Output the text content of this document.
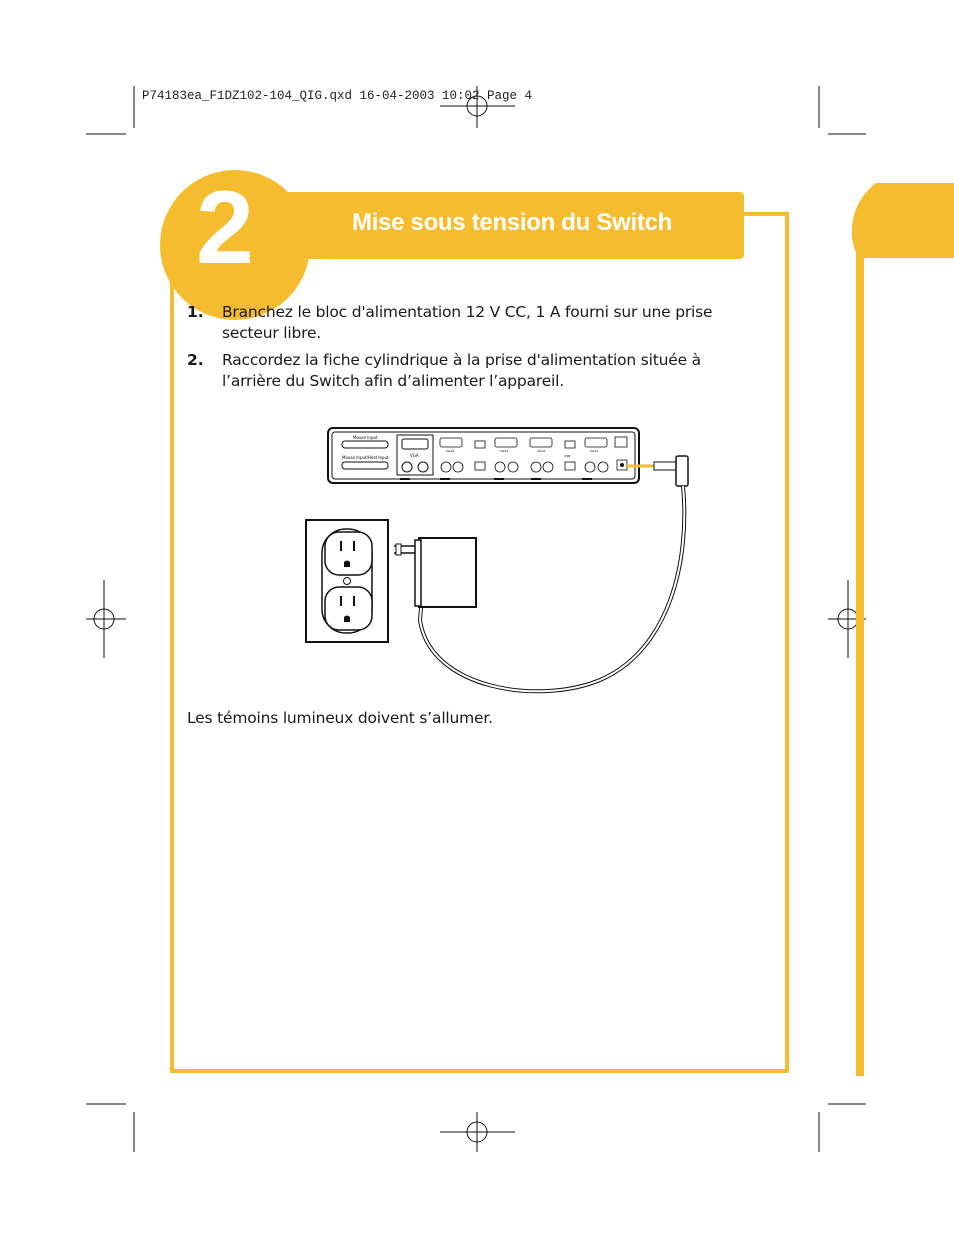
P74183ea_F1DZ102-104_QIG.qxd 16-04-2003 10:02 Page 4
2	Mise sous tension du Switch
1. Branchez le bloc d'alimentation 12 V CC, 1 A fourni sur une prise secteur libre.
2. Raccordez la fiche cylindrique à la prise d'alimentation située à l’arrière du Switch afin d’alimenter l’appareil.
Mouse Input
Mouse Input/Host Input	VGA
VGA4	VGA3	VGA2	VGA1
USB
Les témoins lumineux doivent s’allumer.
